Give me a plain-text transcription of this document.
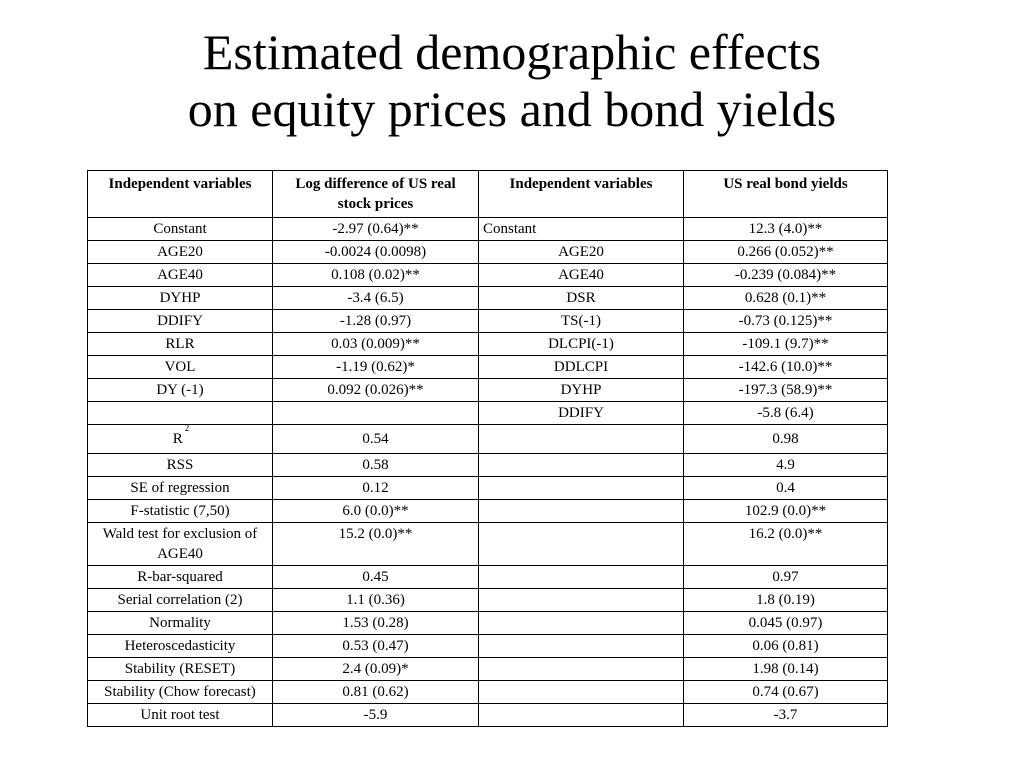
Estimated demographic effects
on equity prices and bond yields
Independent variables	Log difference of US real stock prices	Independent variables	US real bond yields
Constant	-2.97 (0.64)**	Constant	12.3 (4.0)**
AGE20	-0.0024 (0.0098)	AGE20	0.266 (0.052)**
AGE40	0.108 (0.02)**	AGE40	-0.239 (0.084)**
DYHP	-3.4 (6.5)	DSR	0.628 (0.1)**
DDIFY	-1.28 (0.97)	TS(-1)	-0.73 (0.125)**
RLR	0.03 (0.009)**	DLCPI(-1)	-109.1 (9.7)**
VOL	-1.19 (0.62)*	DDLCPI	-142.6 (10.0)**
DY (-1)	0.092 (0.026)**	DYHP	-197.3 (58.9)**
		DDIFY	-5.8 (6.4)
$R^2$	0.54		0.98
RSS	0.58		4.9
SE of regression	0.12		0.4
F-statistic (7,50)	6.0 (0.0)**		102.9 (0.0)**
Wald test for exclusion of AGE40	15.2 (0.0)**		16.2 (0.0)**
R-bar-squared	0.45		0.97
Serial correlation (2)	1.1 (0.36)		1.8 (0.19)
Normality	1.53 (0.28)		0.045 (0.97)
Heteroscedasticity	0.53 (0.47)		0.06 (0.81)
Stability (RESET)	2.4 (0.09)*		1.98 (0.14)
Stability (Chow forecast)	0.81 (0.62)		0.74 (0.67)
Unit root test	-5.9		-3.7
